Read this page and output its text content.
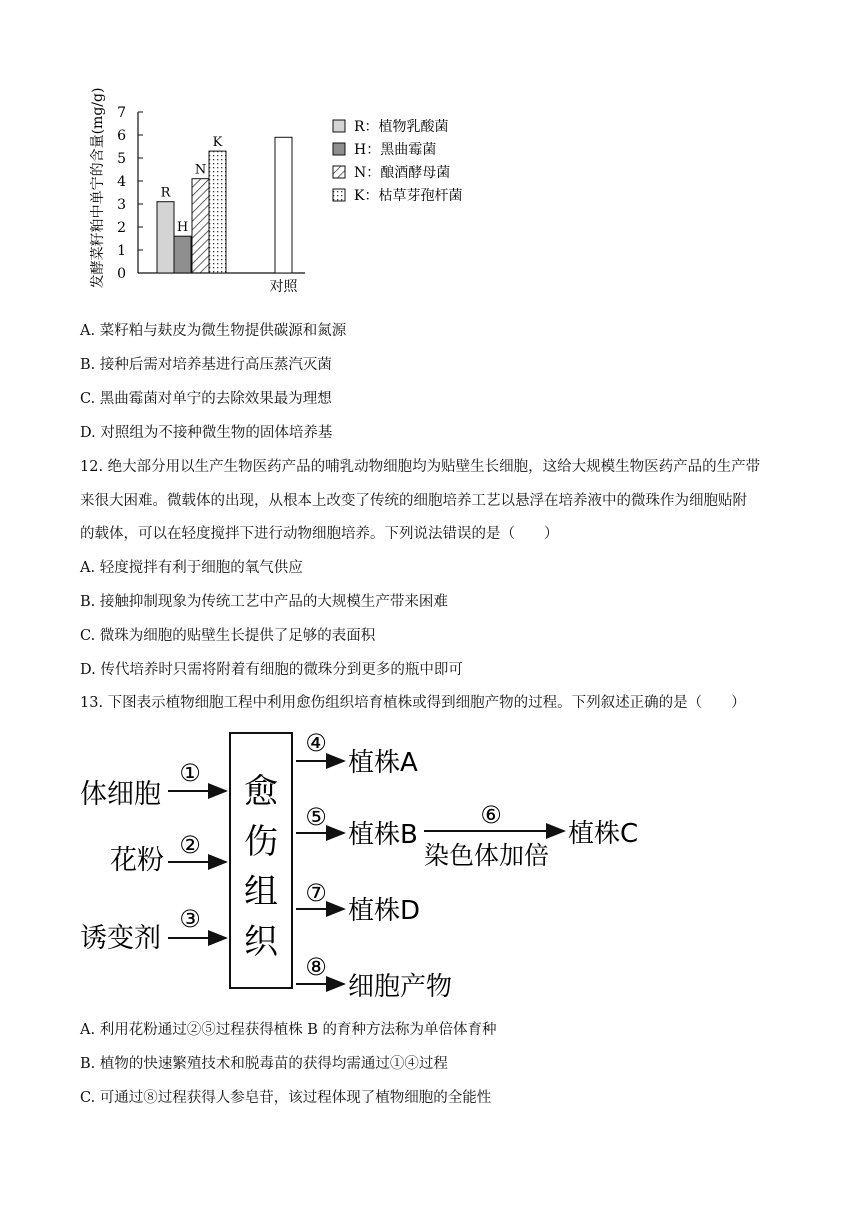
发酵菜籽粕中单宁的含量(mg/g) 0
1
2
3
4
5
6
7
R
H
N
K
对照
R：植物乳酸菌
H：黑曲霉菌
N：酿酒酵母菌
K：枯草芽孢杆菌
A. 菜籽粕与麸皮为微生物提供碳源和氮源
B. 接种后需对培养基进行高压蒸汽灭菌
C. 黑曲霉菌对单宁的去除效果最为理想
D. 对照组为不接种微生物的固体培养基
12. 绝大部分用以生产生物医药产品的哺乳动物细胞均为贴壁生长细胞，这给大规模生物医药产品的生产带
来很大困难。微载体的出现，从根本上改变了传统的细胞培养工艺以悬浮在培养液中的微珠作为细胞贴附
的载体，可以在轻度搅拌下进行动物细胞培养。下列说法错误的是（　　）
A. 轻度搅拌有利于细胞的氧气供应
B. 接触抑制现象为传统工艺中产品的大规模生产带来困难
C. 微珠为细胞的贴壁生长提供了足够的表面积
D. 传代培养时只需将附着有细胞的微珠分到更多的瓶中即可
13. 下图表示植物细胞工程中利用愈伤组织培育植株或得到细胞产物的过程。下列叙述正确的是（　　）
愈
伤
组
织
体细胞
①
花粉 ②
诱变剂
③
④
植株A
⑤
植株B
⑥
染色体加倍
植株C
⑦
植株D
⑧
细胞产物
A. 利用花粉通过②⑤过程获得植株 B 的育种方法称为单倍体育种
B. 植物的快速繁殖技术和脱毒苗的获得均需通过①④过程
C. 可通过⑧过程获得人参皂苷，该过程体现了植物细胞的全能性
